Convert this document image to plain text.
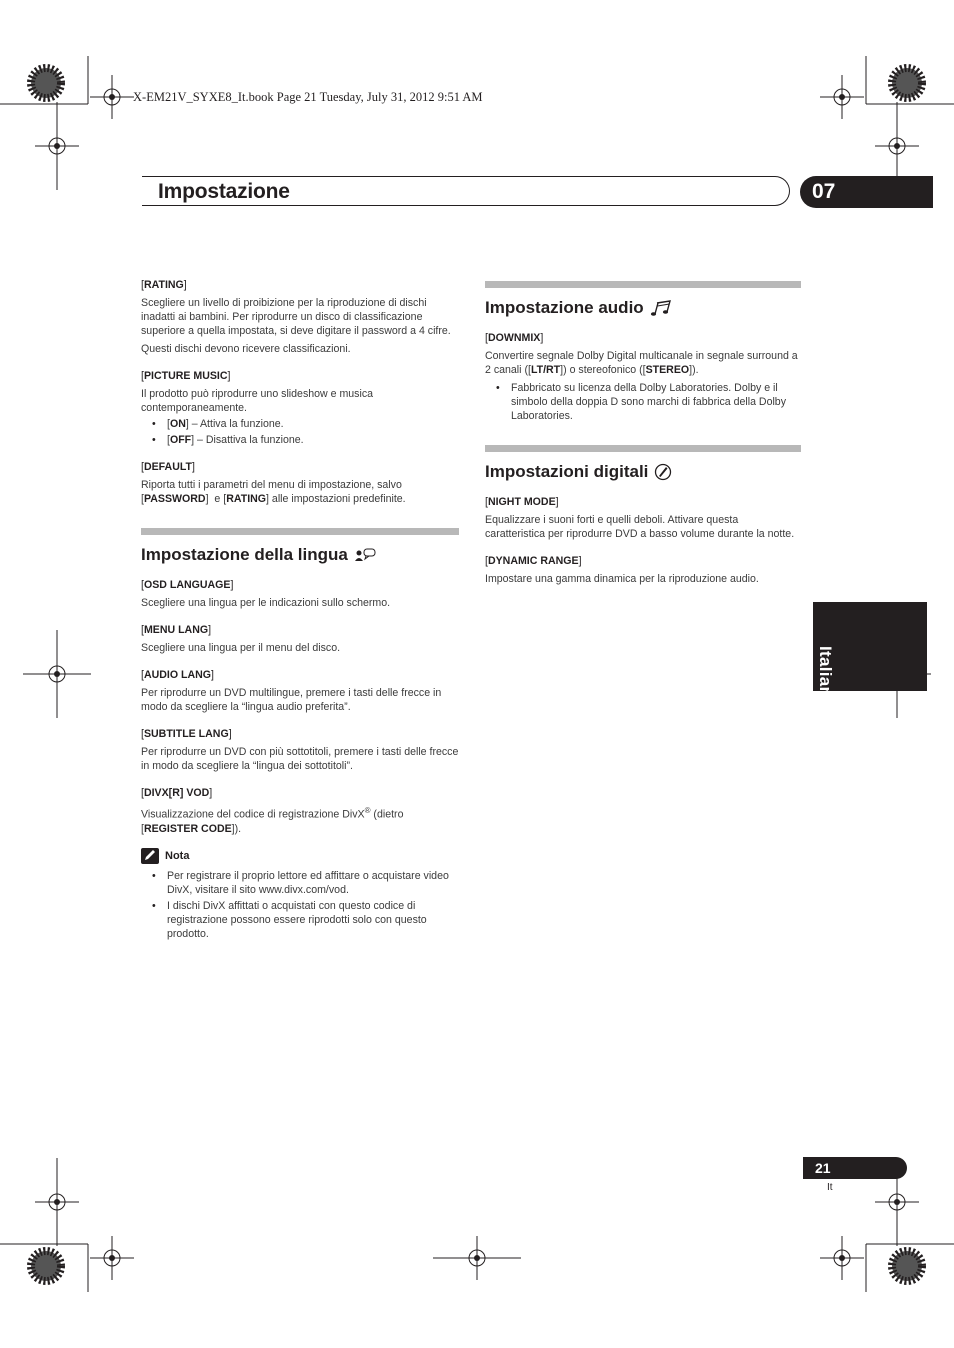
X-EM21V_SYXE8_It.book Page 21 Tuesday, July 31, 2012 9:51 AM
Impostazione	07

[RATING]

Scegliere un livello di proibizione per la riproduzione di dischi inadatti ai bambini. Per riprodurre un disco di classificazione superiore a quella impostata, si deve digitare il password a 4 cifre.

Questi dischi devono ricevere classificazioni.

[PICTURE MUSIC]

Il prodotto può riprodurre uno slideshow e musica contemporaneamente.

• [ON] – Attiva la funzione.
• [OFF] – Disattiva la funzione.

[DEFAULT]

Riporta tutti i parametri del menu di impostazione, salvo
[PASSWORD]  e [RATING] alle impostazioni predefinite.

Impostazione della lingua

[OSD LANGUAGE]

Scegliere una lingua per le indicazioni sullo schermo.

[MENU LANG]

Scegliere una lingua per il menu del disco.

[AUDIO LANG]

Per riprodurre un DVD multilingue, premere i tasti delle frecce in modo da scegliere la “lingua audio preferita”.

[SUBTITLE LANG]

Per riprodurre un DVD con più sottotitoli, premere i tasti delle frecce in modo da scegliere la “lingua dei sottotitoli”.

[DIVX[R] VOD]

Visualizzazione del codice di registrazione DivX® (dietro
[REGISTER CODE]).

Nota
• Per registrare il proprio lettore ed affittare o acquistare video DivX, visitare il sito www.divx.com/vod.
• I dischi DivX affittati o acquistati con questo codice di registrazione possono essere riprodotti solo con questo prodotto.
Impostazione audio

[DOWNMIX]

Convertire segnale Dolby Digital multicanale in segnale surround a 2 canali ([LT/RT]) o stereofonico ([STEREO]).

• Fabbricato su licenza della Dolby Laboratories. Dolby e il simbolo della doppia D sono marchi di fabbrica della Dolby Laboratories.
Impostazioni digitali

[NIGHT MODE]

Equalizzare i suoni forti e quelli deboli. Attivare questa caratteristica per riprodurre DVD a basso volume durante la notte.

[DYNAMIC RANGE]

Impostare una gamma dinamica per la riproduzione audio.

Italiano
21
It
